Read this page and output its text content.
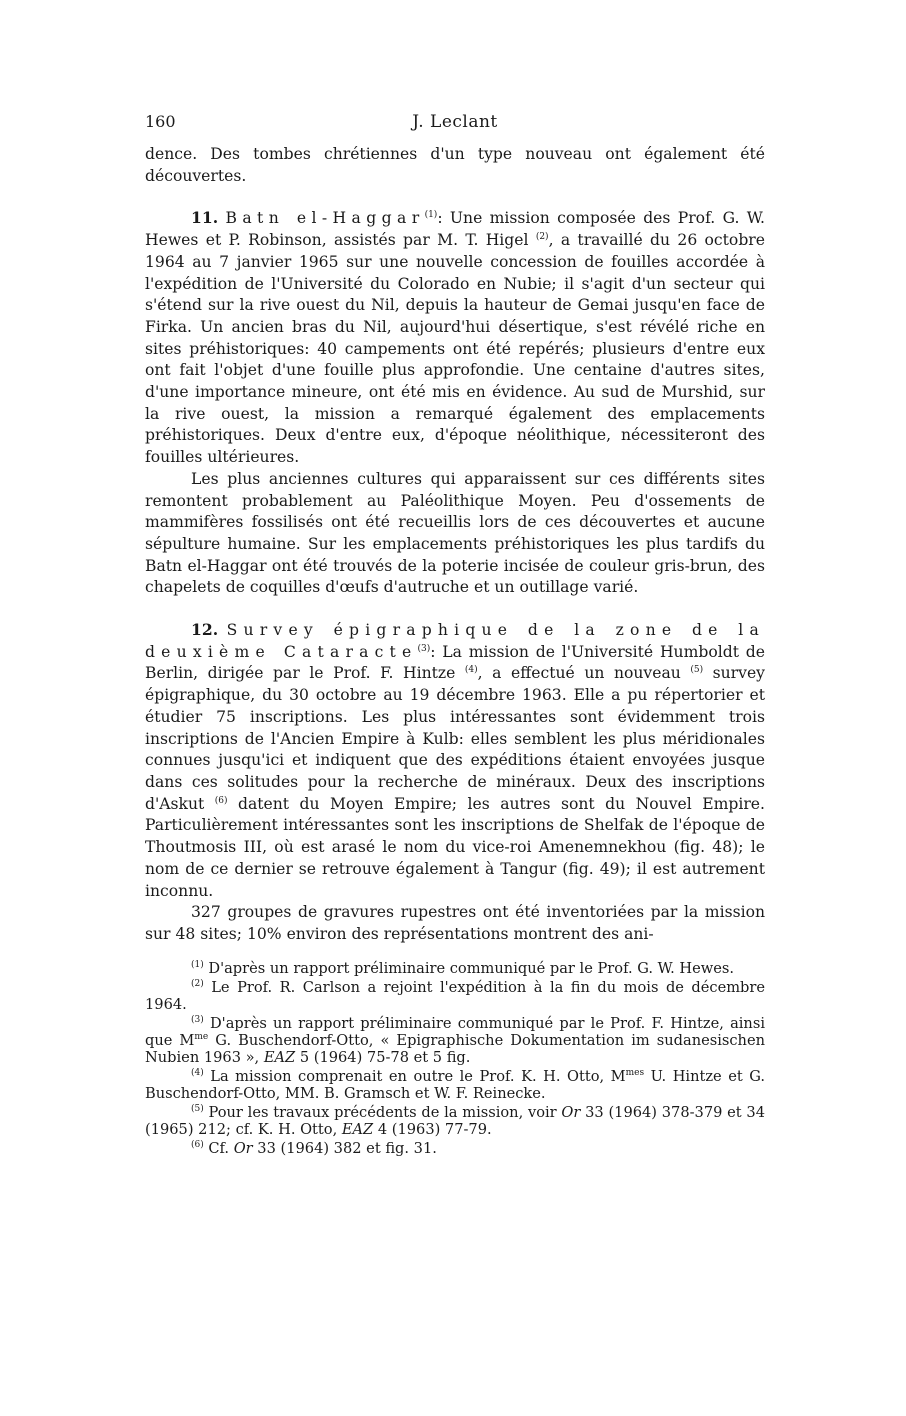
160	J. Leclant

dence. Des tombes chrétiennes d'un type nouveau ont également été découvertes.

11. Batn el-Haggar$^{(1)}$: Une mission composée des Prof. G. W. Hewes et P. Robinson, assistés par M. T. Higel $^{(2)}$, a travaillé du 26 octobre 1964 au 7 janvier 1965 sur une nouvelle concession de fouilles accordée à l'expédition de l'Université du Colorado en Nubie; il s'agit d'un secteur qui s'étend sur la rive ouest du Nil, depuis la hauteur de Gemai jusqu'en face de Firka. Un ancien bras du Nil, aujourd'hui désertique, s'est révélé riche en sites préhistoriques: 40 campements ont été repérés; plusieurs d'entre eux ont fait l'objet d'une fouille plus approfondie. Une centaine d'autres sites, d'une importance mineure, ont été mis en évidence. Au sud de Murshid, sur la rive ouest, la mission a remarqué également des emplacements préhistoriques. Deux d'entre eux, d'époque néolithique, nécessiteront des fouilles ultérieures.

Les plus anciennes cultures qui apparaissent sur ces différents sites remontent probablement au Paléolithique Moyen. Peu d'ossements de mammifères fossilisés ont été recueillis lors de ces découvertes et aucune sépulture humaine. Sur les emplacements préhistoriques les plus tardifs du Batn el-Haggar ont été trouvés de la poterie incisée de couleur gris-brun, des chapelets de coquilles d'œufs d'autruche et un outillage varié.

12. Survey épigraphique de la zone de la deuxième Cataracte$^{(3)}$: La mission de l'Université Humboldt de Berlin, dirigée par le Prof. F. Hintze $^{(4)}$, a effectué un nouveau $^{(5)}$ survey épigraphique, du 30 octobre au 19 décembre 1963. Elle a pu répertorier et étudier 75 inscriptions. Les plus intéressantes sont évidemment trois inscriptions de l'Ancien Empire à Kulb: elles semblent les plus méridionales connues jusqu'ici et indiquent que des expéditions étaient envoyées jusque dans ces solitudes pour la recherche de minéraux. Deux des inscriptions d'Askut $^{(6)}$ datent du Moyen Empire; les autres sont du Nouvel Empire. Particulièrement intéressantes sont les inscriptions de Shelfak de l'époque de Thoutmosis III, où est arasé le nom du vice-roi Amenemnekhou (fig. 48); le nom de ce dernier se retrouve également à Tangur (fig. 49); il est autrement inconnu.

327 groupes de gravures rupestres ont été inventoriées par la mission sur 48 sites; 10% environ des représentations montrent des ani-

$^{(1)}$ D'après un rapport préliminaire communiqué par le Prof. G. W. Hewes.

$^{(2)}$ Le Prof. R. Carlson a rejoint l'expédition à la fin du mois de décembre 1964.

$^{(3)}$ D'après un rapport préliminaire communiqué par le Prof. F. Hintze, ainsi que $M^{me}$ G. Buschendorf-Otto, « Epigraphische Dokumentation im sudanesischen Nubien 1963 », EAZ 5 (1964) 75-78 et 5 fig.

$^{(4)}$ La mission comprenait en outre le Prof. K. H. Otto, $M^{mes}$ U. Hintze et G. Buschendorf-Otto, MM. B. Gramsch et W. F. Reinecke.

$^{(5)}$ Pour les travaux précédents de la mission, voir Or 33 (1964) 378-379 et 34 (1965) 212; cf. K. H. Otto, EAZ 4 (1963) 77-79.

$^{(6)}$ Cf. Or 33 (1964) 382 et fig. 31.
